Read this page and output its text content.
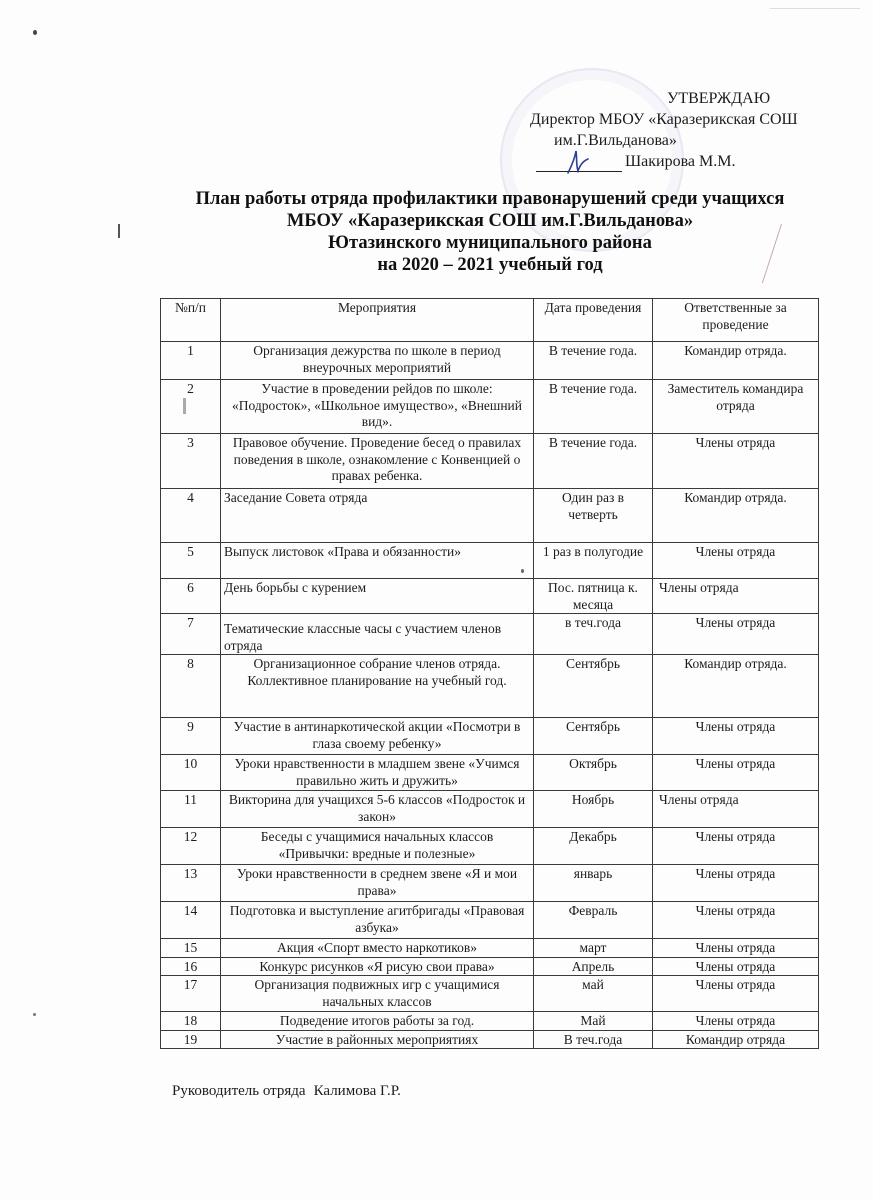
УТВЕРЖДАЮ
Директор МБОУ «Каразерикская СОШ
им.Г.Вильданова»
Шакирова М.М.
План работы отряда профилактики правонарушений среди учащихся
МБОУ «Каразерикская СОШ им.Г.Вильданова»
Ютазинского муниципального района
на 2020 – 2021 учебный год
№п/п	Мероприятия	Дата проведения	Ответственные за проведение
1	Организация дежурства по школе в период внеурочных мероприятий	В течение года.	Командир отряда.
2	Участие в проведении рейдов по школе: «Подросток», «Школьное имущество», «Внешний вид».	В течение года.	Заместитель командира отряда
3	Правовое обучение. Проведение бесед о правилах поведения в школе, ознакомление с Конвенцией о правах ребенка.	В течение года.	Члены отряда
4	Заседание Совета отряда	Один раз в четверть	Командир отряда.
5	Выпуск листовок «Права и обязанности»	1 раз в полугодие	Члены отряда
6	День борьбы с курением	Пос. пятница к. месяца	Члены отряда
7	Тематические классные часы с участием членов отряда	в теч.года	Члены отряда
8	Организационное собрание членов отряда. Коллективное планирование на учебный год.	Сентябрь	Командир отряда.
9	Участие в антинаркотической акции «Посмотри в глаза своему ребенку»	Сентябрь	Члены отряда
10	Уроки нравственности в младшем звене «Учимся правильно жить и дружить»	Октябрь	Члены отряда
11	Викторина для учащихся 5-6 классов «Подросток и закон»	Ноябрь	Члены отряда
12	Беседы с учащимися начальных классов «Привычки: вредные и полезные»	Декабрь	Члены отряда
13	Уроки нравственности в среднем звене «Я и мои права»	январь	Члены отряда
14	Подготовка и выступление агитбригады «Правовая азбука»	Февраль	Члены отряда
15	Акция «Спорт вместо наркотиков»	март	Члены отряда
16	Конкурс рисунков «Я рисую свои права»	Апрель	Члены отряда
17	Организация подвижных игр с учащимися начальных классов	май	Члены отряда
18	Подведение итогов работы за год.	Май	Члены отряда
19	Участие в районных мероприятиях	В теч.года	Командир отряда
Руководитель отряда Калимова Г.Р.
